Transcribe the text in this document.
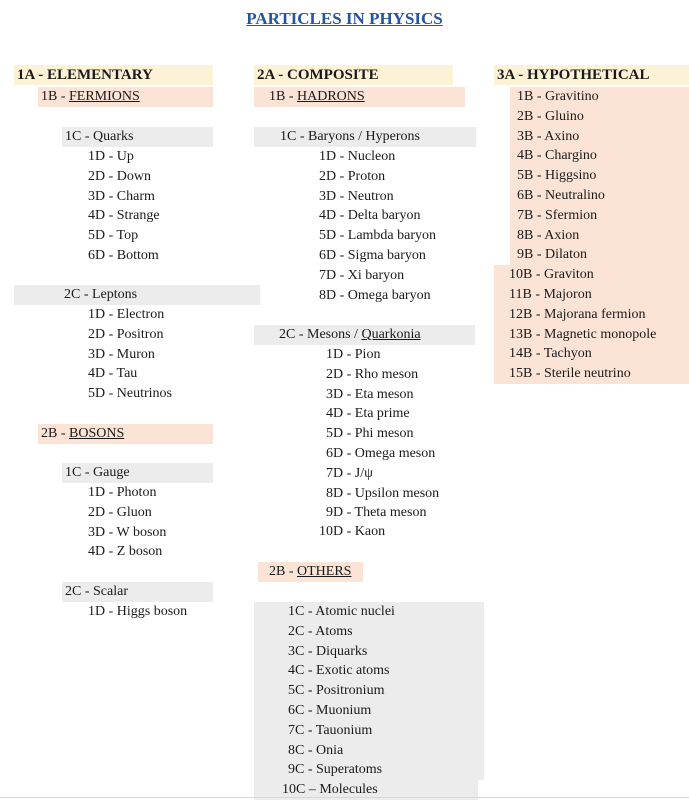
PARTICLES IN PHYSICS
1A - ELEMENTARY
1B - FERMIONS
1C - Quarks
1D - Up
2D - Down
3D - Charm
4D - Strange
5D - Top
6D - Bottom
2C - Leptons
1D - Electron
2D - Positron
3D - Muron
4D - Tau
5D - Neutrinos
2B - BOSONS
1C - Gauge
1D - Photon
2D - Gluon
3D - W boson
4D - Z boson
2C - Scalar
1D - Higgs boson
2A - COMPOSITE
1B - HADRONS
1C - Baryons / Hyperons
1D - Nucleon
2D - Proton
3D - Neutron
4D - Delta baryon
5D - Lambda baryon
6D - Sigma baryon
7D - Xi baryon
8D - Omega baryon
2C - Mesons / Quarkonia
1D - Pion
2D - Rho meson
3D - Eta meson
4D - Eta prime
5D - Phi meson
6D - Omega meson
7D - J/ψ
8D - Upsilon meson
9D - Theta meson
10D - Kaon
2B - OTHERS
1C - Atomic nuclei
2C - Atoms
3C - Diquarks
4C - Exotic atoms
5C - Positronium
6C - Muonium
7C - Tauonium
8C - Onia
9C - Superatoms
10C – Molecules
3A - HYPOTHETICAL
1B - Gravitino
2B - Gluino
3B - Axino
4B - Chargino
5B - Higgsino
6B - Neutralino
7B - Sfermion
8B - Axion
9B - Dilaton
10B - Graviton
11B - Majoron
12B - Majorana fermion
13B - Magnetic monopole
14B - Tachyon
15B - Sterile neutrino
